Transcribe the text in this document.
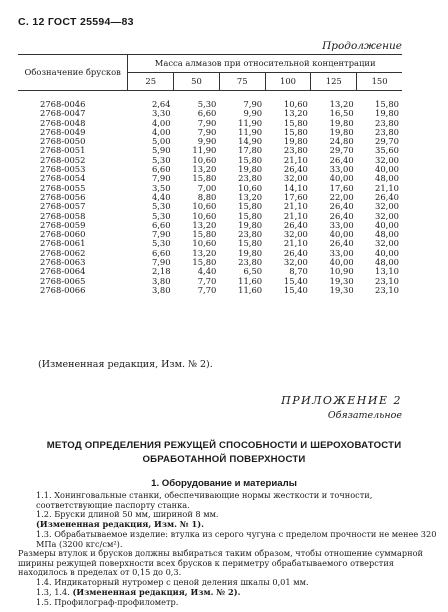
С. 12 ГОСТ 25594—83
Продолжение
Обозначение брусков	Масса алмазов при относительной концентрации					
	25	50	75	100	125	150
2768-0046	2,64	5,30	7,90	10,60	13,20	15,80
2768-0047	3,30	6,60	9,90	13,20	16,50	19,80
2768-0048	4,00	7,90	11,90	15,80	19,80	23,80
2768-0049	4,00	7,90	11,90	15,80	19,80	23,80
2768-0050	5,00	9,90	14,90	19,80	24,80	29,70
2768-0051	5,90	11,90	17,80	23,80	29,70	35,60
2768-0052	5,30	10,60	15,80	21,10	26,40	32,00
2768-0053	6,60	13,20	19,80	26,40	33,00	40,00
2768-0054	7,90	15,80	23,80	32,00	40,00	48,00
2768-0055	3,50	7,00	10,60	14,10	17,60	21,10
2768-0056	4,40	8,80	13,20	17,60	22,00	26,40
2768-0057	5,30	10,60	15,80	21,10	26,40	32,00
2768-0058	5,30	10,60	15,80	21,10	26,40	32,00
2768-0059	6,60	13,20	19,80	26,40	33,00	40,00
2768-0060	7,90	15,80	23,80	32,00	40,00	48,00
2768-0061	5,30	10,60	15,80	21,10	26,40	32,00
2768-0062	6,60	13,20	19,80	26,40	33,00	40,00
2768-0063	7,90	15,80	23,80	32,00	40,00	48,00
2768-0064	2,18	4,40	6,50	8,70	10,90	13,10
2768-0065	3,80	7,70	11,60	15,40	19,30	23,10
2768-0066	3,80	7,70	11,60	15,40	19,30	23,10
(Измененная редакция, Изм. № 2).
ПРИЛОЖЕНИЕ 2
Обязательное
МЕТОД ОПРЕДЕЛЕНИЯ РЕЖУЩЕЙ СПОСОБНОСТИ И ШЕРОХОВАТОСТИ
ОБРАБОТАННОЙ ПОВЕРХНОСТИ
1. Оборудование и материалы
1.1. Хонинговальные станки, обеспечивающие нормы жесткости и точности, соответствующие паспорту станка.
1.2. Бруски длиной 50 мм, шириной 8 мм.
(Измененная редакция, Изм. № 1).
1.3. Обрабатываемое изделие: втулка из серого чугуна с пределом прочности не менее 320 МПа (3200 кгс/см²).
Размеры втулок и брусков должны выбираться таким образом, чтобы отношение суммарной ширины режущей поверхности всех брусков к периметру обрабатываемого отверстия находилось в пределах от 0,15 до 0,3.
1.4. Индикаторный нутромер с ценой деления шкалы 0,01 мм.
1.3, 1.4. (Измененная редакция, Изм. № 2).
1.5. Профилограф-профилометр.
